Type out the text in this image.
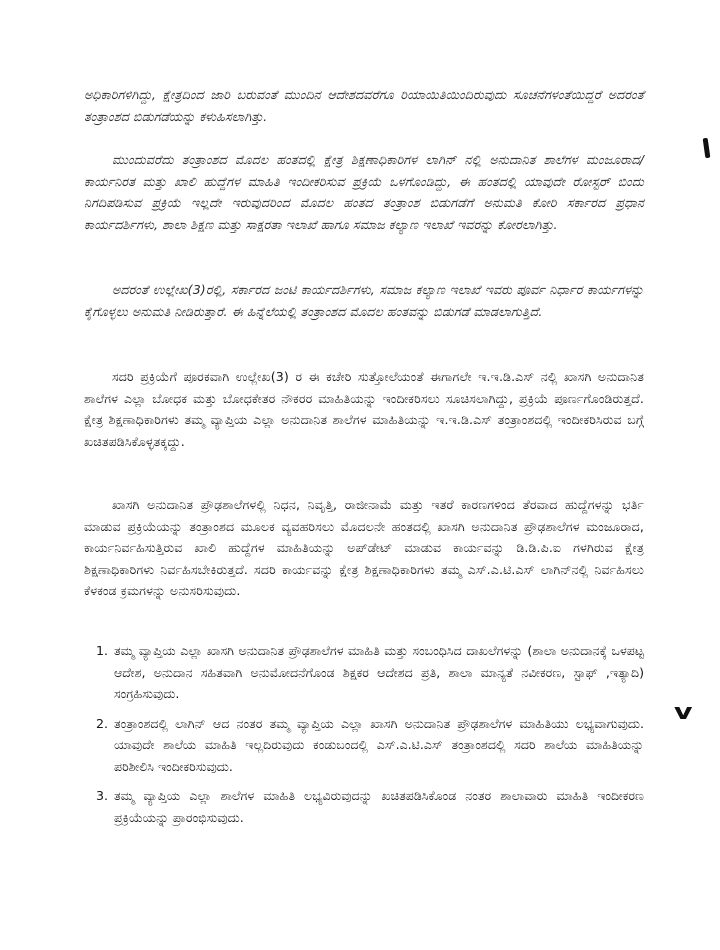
ಅಧಿಕಾರಿಗಳಿಗಿದ್ದು, ಕ್ಷೇತ್ರದಿಂದ ಜಾರಿ ಬರುವಂತೆ ಮುಂದಿನ ಆದೇಶದವರೆಗೂ ರಿಯಾಯಿತಿಯಿಂದಿರುವುದು ಸೂಚನೆಗಳಂತೆಯಿದ್ದರೆ ಅದರಂತೆ ತಂತ್ರಾಂಶದ ಬಿಡುಗಡೆಯನ್ನು ಕಳುಹಿಸಲಾಗಿತ್ತು.

ಮುಂದುವರೆದು ತಂತ್ರಾಂಶದ ಮೊದಲ ಹಂತದಲ್ಲಿ ಕ್ಷೇತ್ರ ಶಿಕ್ಷಣಾಧಿಕಾರಿಗಳ ಲಾಗಿನ್ ನಲ್ಲಿ ಅನುದಾನಿತ ಶಾಲೆಗಳ ಮಂಜೂರಾದ/ ಕಾರ್ಯನಿರತ ಮತ್ತು ಖಾಲಿ ಹುದ್ದೆಗಳ ಮಾಹಿತಿ ಇಂದೀಕರಿಸುವ ಪ್ರಕ್ರಿಯೆ ಒಳಗೊಂಡಿದ್ದು, ಈ ಹಂತದಲ್ಲಿ ಯಾವುದೇ ರೋಸ್ಟರ್ ಬಿಂದು ನಿಗದಿಪಡಿಸುವ ಪ್ರಕ್ರಿಯೆ ಇಲ್ಲದೇ ಇರುವುದರಿಂದ ಮೊದಲ ಹಂತದ ತಂತ್ರಾಂಶ ಬಿಡುಗಡೆಗೆ ಅನುಮತಿ ಕೋರಿ ಸರ್ಕಾರದ ಪ್ರಧಾನ ಕಾರ್ಯದರ್ಶಿಗಳು, ಶಾಲಾ ಶಿಕ್ಷಣ ಮತ್ತು ಸಾಕ್ಷರತಾ ಇಲಾಖೆ ಹಾಗೂ ಸಮಾಜ ಕಲ್ಯಾಣ ಇಲಾಖೆ ಇವರನ್ನು ಕೋರಲಾಗಿತ್ತು.

ಅದರಂತೆ ಉಲ್ಲೇಖ(3)ರಲ್ಲಿ, ಸರ್ಕಾರದ ಜಂಟಿ ಕಾರ್ಯದರ್ಶಿಗಳು, ಸಮಾಜ ಕಲ್ಯಾಣ ಇಲಾಖೆ ಇವರು ಪೂರ್ವ ನಿರ್ಧಾರ ಕಾರ್ಯಗಳನ್ನು ಕೈಗೊಳ್ಳಲು ಅನುಮತಿ ನೀಡಿರುತ್ತಾರೆ. ಈ ಹಿನ್ನೆಲೆಯಲ್ಲಿ ತಂತ್ರಾಂಶದ ಮೊದಲ ಹಂತವನ್ನು ಬಿಡುಗಡೆ ಮಾಡಲಾಗುತ್ತಿದೆ.

ಸದರಿ ಪ್ರಕ್ರಿಯೆಗೆ ಪೂರಕವಾಗಿ ಉಲ್ಲೇಖ(3) ರ ಈ ಕಚೇರಿ ಸುತ್ತೋಲೆಯಂತೆ ಈಗಾಗಲೇ ಇ.ಇ.ಡಿ.ಎಸ್ ನಲ್ಲಿ ಖಾಸಗಿ ಅನುದಾನಿತ ಶಾಲೆಗಳ ಎಲ್ಲಾ ಬೋಧಕ ಮತ್ತು ಬೋಧಕೇತರ ನೌಕರರ ಮಾಹಿತಿಯನ್ನು ಇಂದೀಕರಿಸಲು ಸೂಚಿಸಲಾಗಿದ್ದು, ಪ್ರಕ್ರಿಯೆ ಪೂರ್ಣಗೊಂಡಿರುತ್ತದೆ. ಕ್ಷೇತ್ರ ಶಿಕ್ಷಣಾಧಿಕಾರಿಗಳು ತಮ್ಮ ವ್ಯಾಪ್ತಿಯ ಎಲ್ಲಾ ಅನುದಾನಿತ ಶಾಲೆಗಳ ಮಾಹಿತಿಯನ್ನು ಇ.ಇ.ಡಿ.ಎಸ್ ತಂತ್ರಾಂಶದಲ್ಲಿ ಇಂದೀಕರಿಸಿರುವ ಬಗ್ಗೆ ಖಚಿತಪಡಿಸಿಕೊಳ್ಳತಕ್ಕದ್ದು.

ಖಾಸಗಿ ಅನುದಾನಿತ ಪ್ರೌಢಶಾಲೆಗಳಲ್ಲಿ ನಿಧನ, ನಿವೃತ್ತಿ, ರಾಜೀನಾಮೆ ಮತ್ತು ಇತರೆ ಕಾರಣಗಳಿಂದ ತೆರವಾದ ಹುದ್ದೆಗಳನ್ನು ಭರ್ತಿ ಮಾಡುವ ಪ್ರಕ್ರಿಯೆಯನ್ನು ತಂತ್ರಾಂಶದ ಮೂಲಕ ವ್ಯವಹರಿಸಲು ಮೊದಲನೇ ಹಂತದಲ್ಲಿ ಖಾಸಗಿ ಅನುದಾನಿತ ಪ್ರೌಢಶಾಲೆಗಳ ಮಂಜೂರಾದ, ಕಾರ್ಯನಿರ್ವಹಿಸುತ್ತಿರುವ ಖಾಲಿ ಹುದ್ದೆಗಳ ಮಾಹಿತಿಯನ್ನು ಅಪ್‌ಡೇಟ್ ಮಾಡುವ ಕಾರ್ಯವನ್ನು ಡಿ.ಡಿ.ಪಿ.ಐ ಗಳಗಿರುವ ಕ್ಷೇತ್ರ ಶಿಕ್ಷಣಾಧಿಕಾರಿಗಳು ನಿರ್ವಹಿಸಬೇಕಿರುತ್ತದೆ. ಸದರಿ ಕಾರ್ಯವನ್ನು ಕ್ಷೇತ್ರ ಶಿಕ್ಷಣಾಧಿಕಾರಿಗಳು ತಮ್ಮ ಎಸ್.ಎ.ಟಿ.ಎಸ್ ಲಾಗಿನ್‌ನಲ್ಲಿ ನಿರ್ವಹಿಸಲು ಕೆಳಕಂಡ ಕ್ರಮಗಳನ್ನು ಅನುಸರಿಸುವುದು.

1. ತಮ್ಮ ವ್ಯಾಪ್ತಿಯ ಎಲ್ಲಾ ಖಾಸಗಿ ಅನುದಾನಿತ ಪ್ರೌಢಶಾಲೆಗಳ ಮಾಹಿತಿ ಮತ್ತು ಸಂಬಂಧಿಸಿದ ದಾಖಲೆಗಳನ್ನು (ಶಾಲಾ ಅನುದಾನಕ್ಕೆ ಒಳಪಟ್ಟ ಆದೇಶ, ಅನುದಾನ ಸಹಿತವಾಗಿ ಅನುಮೋದನೆಗೊಂಡ ಶಿಕ್ಷಕರ ಆದೇಶದ ಪ್ರತಿ, ಶಾಲಾ ಮಾನ್ಯತೆ ನವೀಕರಣ, ಸ್ಟಾಫ್ ,ಇತ್ಯಾದಿ) ಸಂಗ್ರಹಿಸುವುದು.
2. ತಂತ್ರಾಂಶದಲ್ಲಿ ಲಾಗಿನ್ ಆದ ನಂತರ ತಮ್ಮ ವ್ಯಾಪ್ತಿಯ ಎಲ್ಲಾ ಖಾಸಗಿ ಅನುದಾನಿತ ಪ್ರೌಢಶಾಲೆಗಳ ಮಾಹಿತಿಯು ಲಭ್ಯವಾಗುವುದು. ಯಾವುದೇ ಶಾಲೆಯ ಮಾಹಿತಿ ಇಲ್ಲದಿರುವುದು ಕಂಡುಬಂದಲ್ಲಿ ಎಸ್.ಎ.ಟಿ.ಎಸ್ ತಂತ್ರಾಂಶದಲ್ಲಿ ಸದರಿ ಶಾಲೆಯ ಮಾಹಿತಿಯನ್ನು ಪರಿಶೀಲಿಸಿ ಇಂದೀಕರಿಸುವುದು.
3. ತಮ್ಮ ವ್ಯಾಪ್ತಿಯ ಎಲ್ಲಾ ಶಾಲೆಗಳ ಮಾಹಿತಿ ಲಭ್ಯವಿರುವುದನ್ನು ಖಚಿತಪಡಿಸಿಕೊಂಡ ನಂತರ ಶಾಲಾವಾರು ಮಾಹಿತಿ ಇಂದೀಕರಣ ಪ್ರಕ್ರಿಯೆಯನ್ನು ಪ್ರಾರಂಭಿಸುವುದು.
v
